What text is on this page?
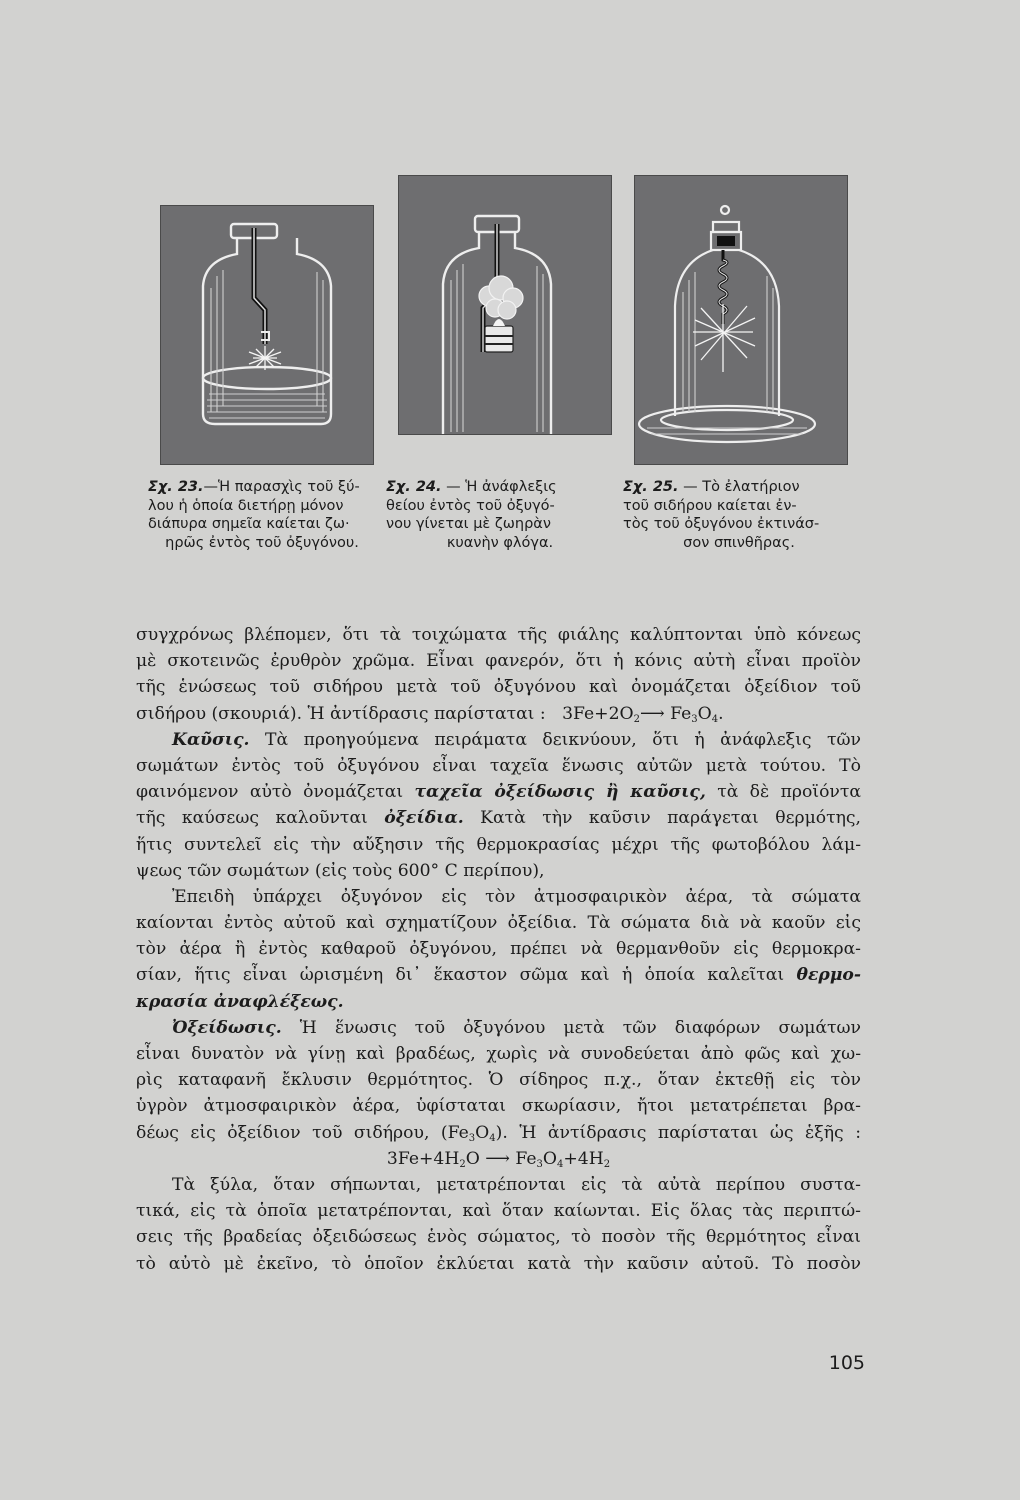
Σχ. 23.—Ἡ παρασχὶς τοῦ ξύ-
λου ἡ ὁποία διετήρῃ μόνον
διάπυρα σημεῖα καίεται ζω·
ηρῶς ἐντὸς τοῦ ὀξυγόνου.
Σχ. 24. — Ἡ ἀνάφλεξις
θείου ἐντὸς τοῦ ὀξυγό-
νου γίνεται μὲ ζωηρὰν
κυανὴν φλόγα.
Σχ. 25. — Τὸ ἐλατήριον
τοῦ σιδήρου καίεται ἐν-
τὸς τοῦ ὀξυγόνου ἐκτινάσ-
σον σπινθῆρας.
συγχρόνως βλέπομεν, ὅτι τὰ τοιχώματα τῆς φιάλης καλύπτονται ὑπὸ κόνεως
μὲ σκοτεινῶς ἐρυθρὸν χρῶμα. Εἶναι φανερόν, ὅτι ἡ κόνις αὐτὴ εἶναι προϊὸν
τῆς ἑνώσεως τοῦ σιδήρου μετὰ τοῦ ὀξυγόνου καὶ ὀνομάζεται ὀξείδιον τοῦ
σιδήρου (σκουριά). Ἡ ἀντίδρασις παρίσταται : $3Fe+2O_2⟶$ $Fe_3O_4$.
Καῦσις. Τὰ προηγούμενα πειράματα δεικνύουν, ὅτι ἡ ἀνάφλεξις τῶν
σωμάτων ἐντὸς τοῦ ὀξυγόνου εἶναι ταχεῖα ἕνωσις αὐτῶν μετὰ τούτου. Τὸ
φαινόμενον αὐτὸ ὀνομάζεται ταχεῖα ὀξείδωσις ἢ καῦσις, τὰ δὲ προϊόντα
τῆς καύσεως καλοῦνται ὀξείδια. Κατὰ τὴν καῦσιν παράγεται θερμότης,
ἥτις συντελεῖ εἰς τὴν αὔξησιν τῆς θερμοκρασίας μέχρι τῆς φωτοβόλου λάμ-
ψεως τῶν σωμάτων (εἰς τοὺς 600° C περίπου),
Ἐπειδὴ ὑπάρχει ὀξυγόνον εἰς τὸν ἀτμοσφαιρικὸν ἀέρα, τὰ σώματα
καίονται ἐντὸς αὐτοῦ καὶ σχηματίζουν ὀξείδια. Τὰ σώματα διὰ νὰ καοῦν εἰς
τὸν ἀέρα ἢ ἐντὸς καθαροῦ ὀξυγόνου, πρέπει νὰ θερμανθοῦν εἰς θερμοκρα-
σίαν, ἥτις εἶναι ὡρισμένη δι᾽ ἕκαστον σῶμα καὶ ἡ ὁποία καλεῖται θερμο-
κρασία ἀναφλέξεως.
Ὀξείδωσις. Ἡ ἕνωσις τοῦ ὀξυγόνου μετὰ τῶν διαφόρων σωμάτων
εἶναι δυνατὸν νὰ γίνῃ καὶ βραδέως, χωρὶς νὰ συνοδεύεται ἀπὸ φῶς καὶ χω-
ρὶς καταφανῆ ἔκλυσιν θερμότητος. Ὁ σίδηρος π.χ., ὅταν ἐκτεθῇ εἰς τὸν
ὑγρὸν ἀτμοσφαιρικὸν ἀέρα, ὑφίσταται σκωρίασιν, ἤτοι μετατρέπεται βρα-
δέως εἰς ὀξείδιον τοῦ σιδήρου, $(Fe_3O_4)$. Ἡ ἀντίδρασις παρίσταται ὡς ἑξῆς :
$3Fe+4H_2O$ ⟶ $Fe_3O_4+4H_2$
Τὰ ξύλα, ὅταν σήπωνται, μετατρέπονται εἰς τὰ αὐτὰ περίπου συστα-
τικά, εἰς τὰ ὁποῖα μετατρέπονται, καὶ ὅταν καίωνται. Εἰς ὅλας τὰς περιπτώ-
σεις τῆς βραδείας ὀξειδώσεως ἑνὸς σώματος, τὸ ποσὸν τῆς θερμότητος εἶναι
τὸ αὐτὸ μὲ ἐκεῖνο, τὸ ὁποῖον ἐκλύεται κατὰ τὴν καῦσιν αὐτοῦ. Τὸ ποσὸν
105
